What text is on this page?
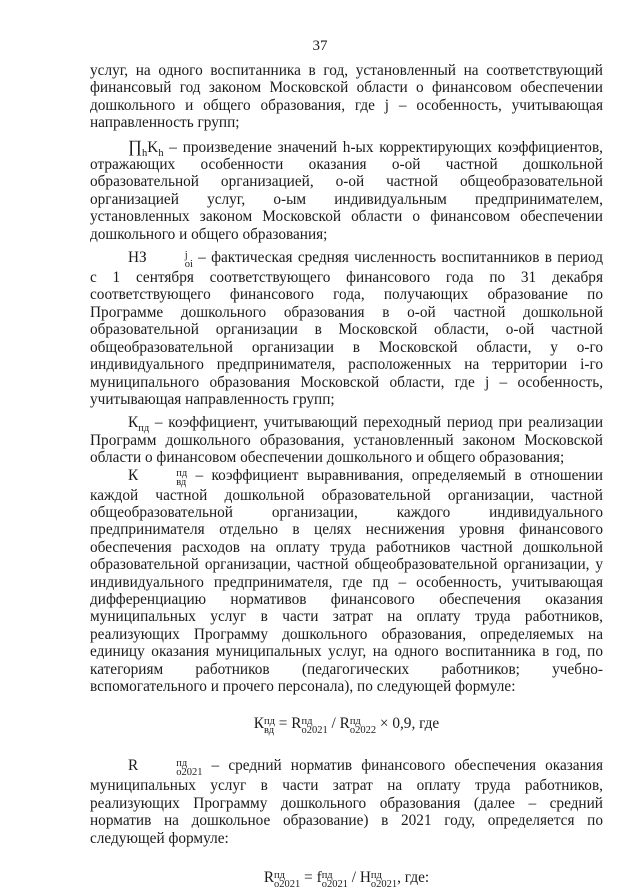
37

услуг, на одного воспитанника в год, установленный на соответствующий финансовый год законом Московской области о финансовом обеспечении дошкольного и общего образования, где j – особенность, учитывающая направленность групп;

$\prod_hK_h$ – произведение значений h-ых корректирующих коэффициентов, отражающих особенности оказания о-ой частной дошкольной образовательной организацией, о-ой частной общеобразовательной организацией услуг, о-ым индивидуальным предпринимателем, установленных законом Московской области о финансовом обеспечении дошкольного и общего образования;

НЗ	j
oi – фактическая средняя численность воспитанников в период с 1 сентября соответствующего финансового года по 31 декабря соответствующего финансового года, получающих образование по Программе дошкольного образования в о-ой частной дошкольной образовательной организации в Московской области, о-ой частной общеобразовательной организации в Московской области, у о-го индивидуального предпринимателя, расположенных на территории i-го муниципального образования Московской области, где j – особенность, учитывающая направленность групп;

$К_{пд}$ – коэффициент, учитывающий переходный период при реализации Программ дошкольного образования, установленный законом Московской области о финансовом обеспечении дошкольного и общего образования;

К	пд
вд – коэффициент выравнивания, определяемый в отношении каждой частной дошкольной образовательной организации, частной общеобразовательной организации, каждого индивидуального предпринимателя отдельно в целях неснижения уровня финансового обеспечения расходов на оплату труда работников частной дошкольной образовательной организации, частной общеобразовательной организации, у индивидуального предпринимателя, где пд – особенность, учитывающая дифференциацию нормативов финансового обеспечения оказания муниципальных услуг в части затрат на оплату труда работников, реализующих Программу дошкольного образования, определяемых на единицу оказания муниципальных услуг, на одного воспитанника в год, по категориям работников (педагогических работников; учебно-вспомогательного и прочего персонала), по следующей формуле:

К пд
вд = R пд
о2021 / R пд
о2022 × 0,9, где

R	пд
о2021 – средний норматив финансового обеспечения оказания муниципальных услуг в части затрат на оплату труда работников, реализующих Программу дошкольного образования (далее – средний норматив на дошкольное образование) в 2021 году, определяется по следующей формуле:

R пд
о2021 = f пд
о2021 / Н пд
о2021 , где:
